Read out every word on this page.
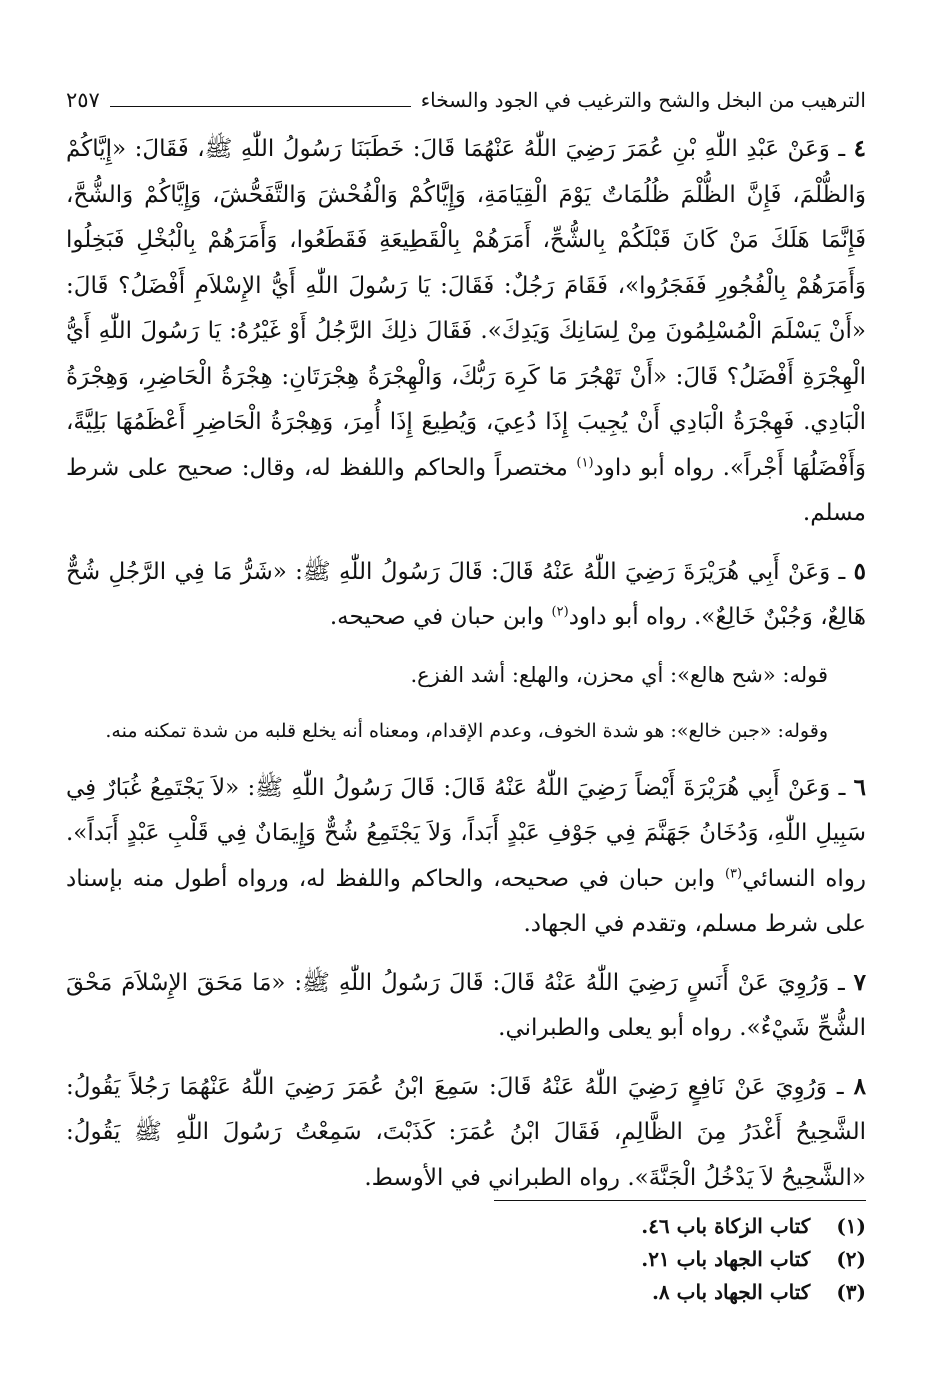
الترهيب من البخل والشح والترغيب في الجود والسخاء
٢٥٧

٤ ـ وَعَنْ عَبْدِ اللّٰهِ بْنِ عُمَرَ رَضِيَ اللّٰهُ عَنْهُمَا قَالَ: خَطَبَنَا رَسُولُ اللّٰهِ ﷺ، فَقَالَ: «إِيَّاكُمْ وَالظُّلْمَ، فَإِنَّ الظُّلْمَ ظُلُمَاتٌ يَوْمَ الْقِيَامَةِ، وَإِيَّاكُمْ وَالْفُحْشَ وَالتَّفَحُّشَ، وَإِيَّاكُمْ وَالشُّحَّ، فَإِنَّمَا هَلَكَ مَنْ كَانَ قَبْلَكُمْ بِالشُّحِّ، أَمَرَهُمْ بِالْقَطِيعَةِ فَقَطَعُوا، وَأَمَرَهُمْ بِالْبُخْلِ فَبَخِلُوا وَأَمَرَهُمْ بِالْفُجُورِ فَفَجَرُوا»، فَقَامَ رَجُلٌ: فَقَالَ: يَا رَسُولَ اللّٰهِ أَيُّ الإِسْلاَمِ أَفْضَلُ؟ قَالَ: «أَنْ يَسْلَمَ الْمُسْلِمُونَ مِنْ لِسَانِكَ وَيَدِكَ». فَقَالَ ذلِكَ الرَّجُلُ أَوْ غَيْرُهُ: يَا رَسُولَ اللّٰهِ أَيُّ الْهِجْرَةِ أَفْضَلُ؟ قَالَ: «أَنْ تَهْجُرَ مَا كَرِهَ رَبُّكَ، وَالْهِجْرَةُ هِجْرَتَانِ: هِجْرَةُ الْحَاضِرِ، وَهِجْرَةُ الْبَادِي. فَهِجْرَةُ الْبَادِي أَنْ يُجِيبَ إِذَا دُعِيَ، وَيُطِيعَ إِذَا أُمِرَ، وَهِجْرَةُ الْحَاضِرِ أَعْظَمُهَا بَلِيَّةً، وَأَفْضَلُهَا أَجْراً». رواه أبو داود$^{(١)}$ مختصراً والحاكم واللفظ له، وقال: صحيح على شرط مسلم.

٥ ـ وَعَنْ أَبِي هُرَيْرَةَ رَضِيَ اللّٰهُ عَنْهُ قَالَ: قَالَ رَسُولُ اللّٰهِ ﷺ: «شَرُّ مَا فِي الرَّجُلِ شُحٌّ هَالِعٌ، وَجُبْنٌ خَالِعٌ». رواه أبو داود$^{(٢)}$ وابن حبان في صحيحه.

قوله: «شح هالع»: أي محزن، والهلع: أشد الفزع.

وقوله: «جبن خالع»: هو شدة الخوف، وعدم الإقدام، ومعناه أنه يخلع قلبه من شدة تمكنه منه.

٦ ـ وَعَنْ أَبِي هُرَيْرَةَ أَيْضاً رَضِيَ اللّٰهُ عَنْهُ قَالَ: قَالَ رَسُولُ اللّٰهِ ﷺ: «لاَ يَجْتَمِعُ غُبَارٌ فِي سَبِيلِ اللّٰهِ، وَدُخَانُ جَهَنَّمَ فِي جَوْفِ عَبْدٍ أَبَداً، وَلاَ يَجْتَمِعُ شُحٌّ وَإِيمَانٌ فِي قَلْبِ عَبْدٍ أَبَداً». رواه النسائي$^{(٣)}$ وابن حبان في صحيحه، والحاكم واللفظ له، ورواه أطول منه بإسناد على شرط مسلم، وتقدم في الجهاد.

٧ ـ وَرُوِيَ عَنْ أَنَسٍ رَضِيَ اللّٰهُ عَنْهُ قَالَ: قَالَ رَسُولُ اللّٰهِ ﷺ: «مَا مَحَقَ الإِسْلاَمَ مَحْقَ الشُّحِّ شَيْءٌ». رواه أبو يعلى والطبراني.

٨ ـ وَرُوِيَ عَنْ نَافِعٍ رَضِيَ اللّٰهُ عَنْهُ قَالَ: سَمِعَ ابْنُ عُمَرَ رَضِيَ اللّٰهُ عَنْهُمَا رَجُلاً يَقُولُ: الشَّحِيحُ أَغْدَرُ مِنَ الظَّالِمِ، فَقَالَ ابْنُ عُمَرَ: كَذَبْتَ، سَمِعْتُ رَسُولَ اللّٰهِ ﷺ يَقُولُ: «الشَّحِيحُ لاَ يَدْخُلُ الْجَنَّةَ». رواه الطبراني في الأوسط.

(١)
كتاب الزكاة باب ٤٦.
(٢)
كتاب الجهاد باب ٢١.
(٣)
كتاب الجهاد باب ٨.
